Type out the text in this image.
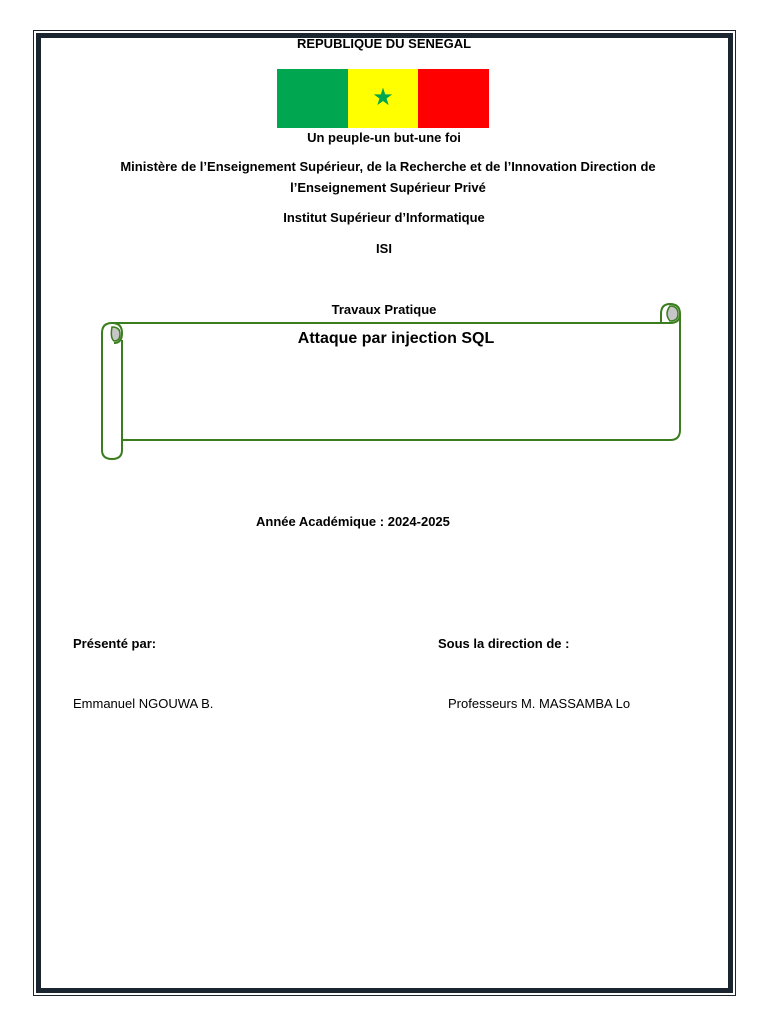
REPUBLIQUE DU SENEGAL
★
Un peuple-un but-une foi
Ministère de l’Enseignement Supérieur, de la Recherche et de l’Innovation Direction de l’Enseignement Supérieur Privé
Institut Supérieur d’Informatique
ISI
Travaux Pratique
Attaque par injection SQL
Année Académique : 2024-2025
Présenté par:	Sous la direction de :
Emmanuel NGOUWA B.	Professeurs M. MASSAMBA Lo
